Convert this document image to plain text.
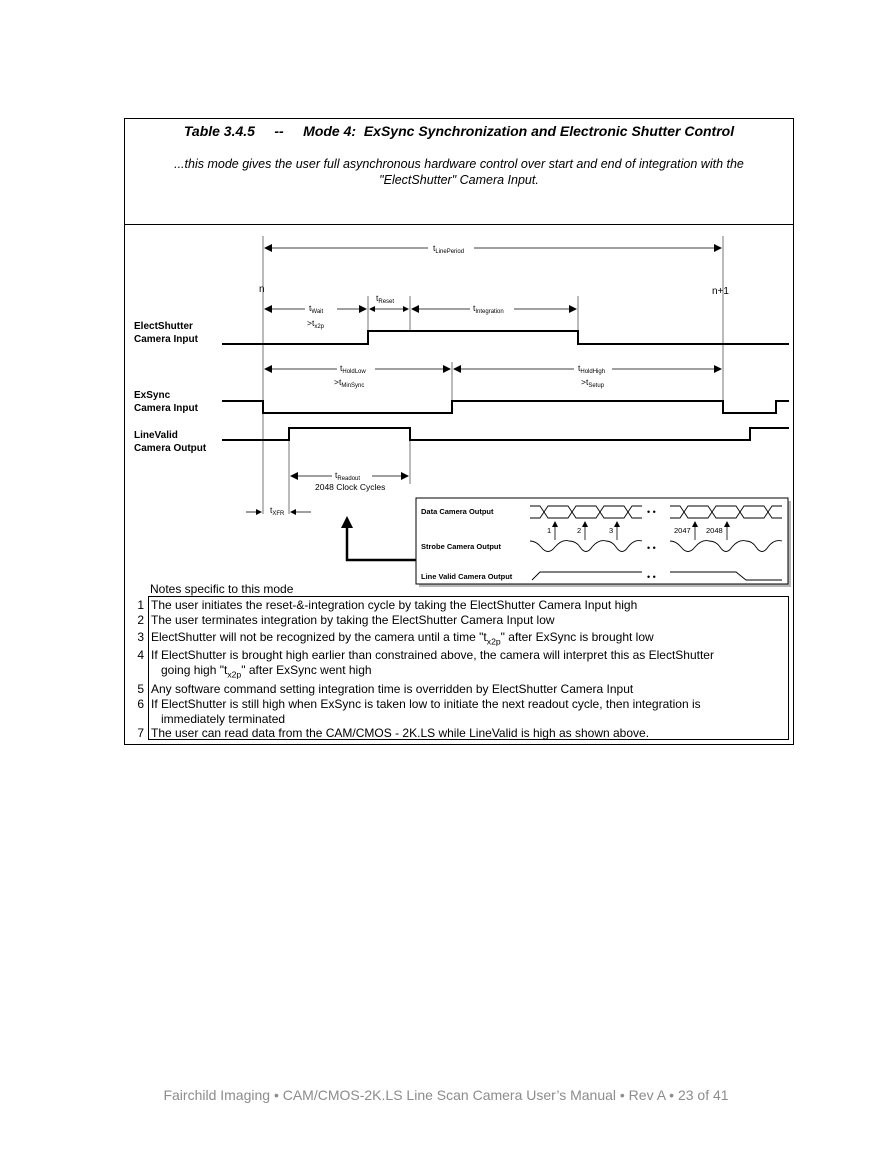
Table 3.4.5     --     Mode 4:  ExSync Synchronization and Electronic Shutter Control
...this mode gives the user full asynchronous hardware control over start and end of integration with the "ElectShutter" Camera Input.
$t_{LinePeriod}$
n	n+1
$t_{Wait}$
$>t_{x2p}$
$t_{Reset}$
$t_{Integration}$
ElectShutter
Camera Input
$t_{HoldLow}$
$>t_{MinSync}$
$t_{HoldHigh}$
$>t_{Setup}$
ExSync
Camera Input
LineValid
Camera Output
$t_{Readout}$
2048 Clock Cycles
$t_{XFR}$	Data Camera Output	• •
1	2	3	2047 2048
Strobe Camera Output	• •
Line Valid Camera Output	• •
Notes specific to this mode
1 The user initiates the reset-&-integration cycle by taking the ElectShutter Camera Input high
2 The user terminates integration by taking the ElectShutter Camera Input low
3 ElectShutter will not be recognized by the camera until a time "$t_{x2p}$" after ExSync is brought low
4 If ElectShutter is brought high earlier than constrained above, the camera will interpret this as ElectShutter
going high "$t_{x2p}$" after ExSync went high
5 Any software command setting integration time is overridden by ElectShutter Camera Input
6 If ElectShutter is still high when ExSync is taken low to initiate the next readout cycle, then integration is
immediately terminated
7 The user can read data from the CAM/CMOS - 2K.LS while LineValid is high as shown above.
Fairchild Imaging • CAM/CMOS-2K.LS Line Scan Camera User’s Manual • Rev A • 23 of 41
